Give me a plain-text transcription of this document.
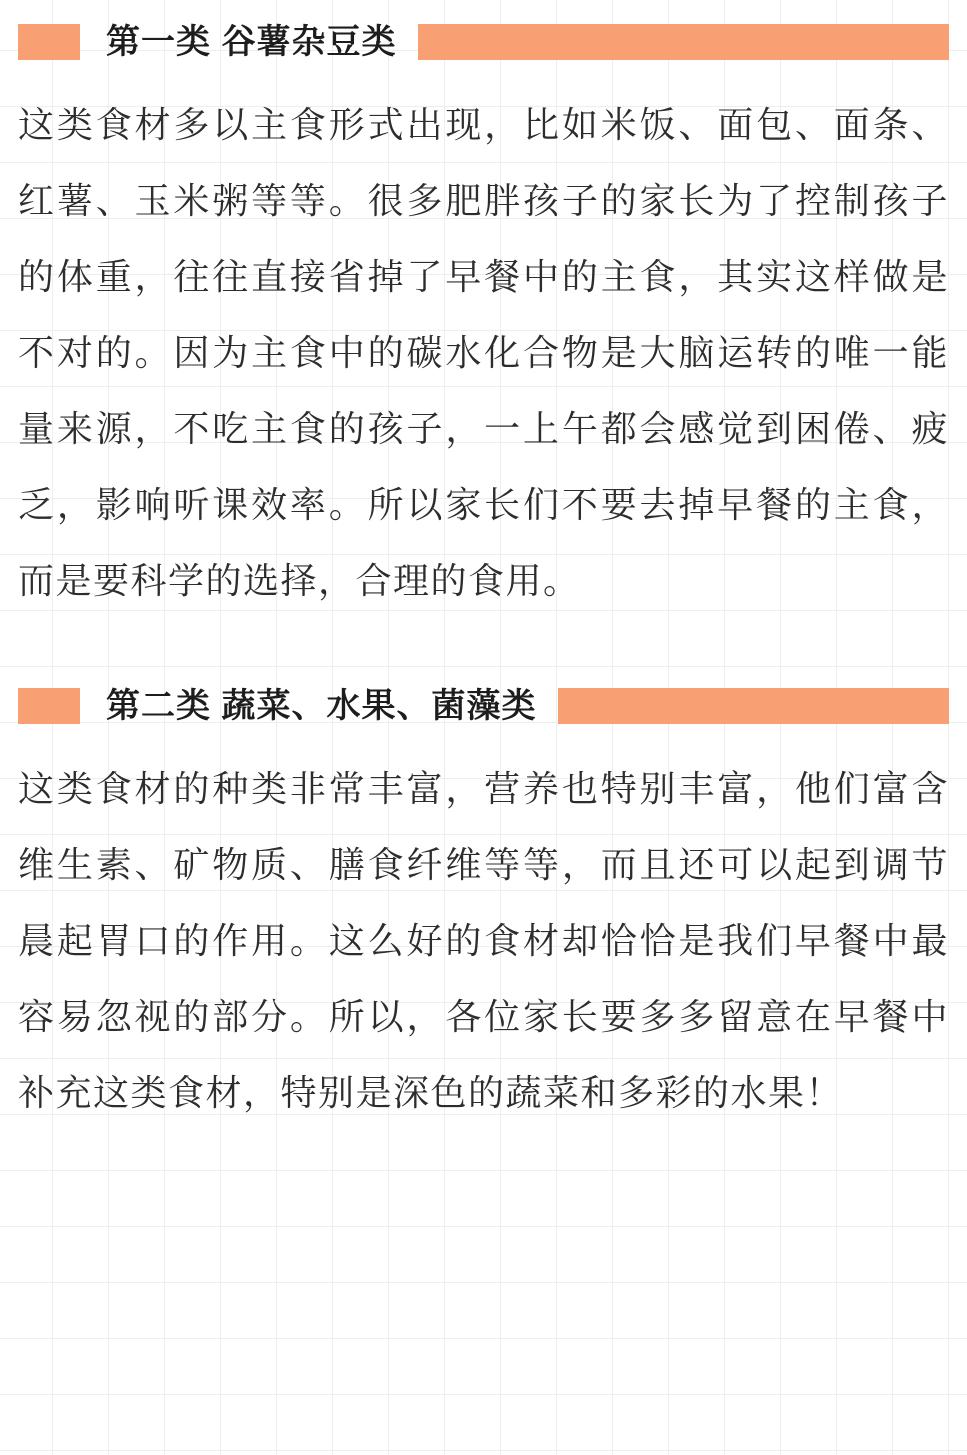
第一类 谷薯杂豆类
这类食材多以主食形式出现，比如米饭、面包、面条、红薯、玉米粥等等。很多肥胖孩子的家长为了控制孩子的体重，往往直接省掉了早餐中的主食，其实这样做是不对的。因为主食中的碳水化合物是大脑运转的唯一能量来源，不吃主食的孩子，一上午都会感觉到困倦、疲乏，影响听课效率。所以家长们不要去掉早餐的主食，而是要科学的选择，合理的食用。
第二类 蔬菜、水果、菌藻类
这类食材的种类非常丰富，营养也特别丰富，他们富含维生素、矿物质、膳食纤维等等，而且还可以起到调节晨起胃口的作用。这么好的食材却恰恰是我们早餐中最容易忽视的部分。所以，各位家长要多多留意在早餐中补充这类食材，特别是深色的蔬菜和多彩的水果！
